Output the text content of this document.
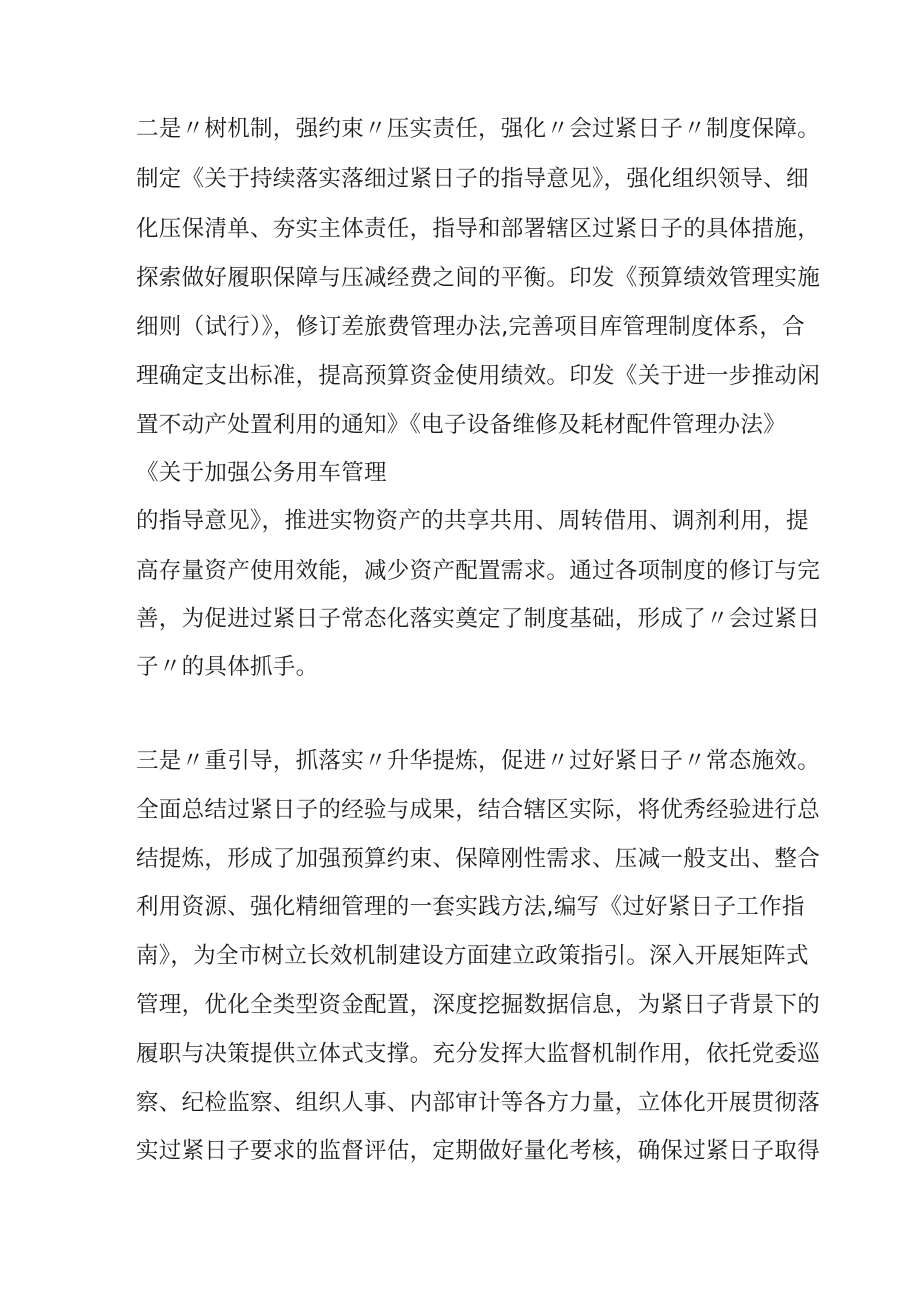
二是〃树机制，强约束〃压实责任，强化〃会过紧日子〃制度保障。

制定《关于持续落实落细过紧日子的指导意见》，强化组织领导、细

化压保清单、夯实主体责任，指导和部署辖区过紧日子的具体措施，

探索做好履职保障与压减经费之间的平衡。印发《预算绩效管理实施

细则（试行）》，修订差旅费管理办法,完善项目库管理制度体系，合

理确定支出标准，提高预算资金使用绩效。印发《关于进一步推动闲

置不动产处置利用的通知》《电子设备维修及耗材配件管理办法》

《关于加强公务用车管理

的指导意见》，推进实物资产的共享共用、周转借用、调剂利用，提

高存量资产使用效能，减少资产配置需求。通过各项制度的修订与完

善，为促进过紧日子常态化落实奠定了制度基础，形成了〃会过紧日

子〃的具体抓手。

三是〃重引导，抓落实〃升华提炼，促进〃过好紧日子〃常态施效。

全面总结过紧日子的经验与成果，结合辖区实际，将优秀经验进行总

结提炼，形成了加强预算约束、保障刚性需求、压减一般支出、整合

利用资源、强化精细管理的一套实践方法,编写《过好紧日子工作指

南》，为全市树立长效机制建设方面建立政策指引。深入开展矩阵式

管理，优化全类型资金配置，深度挖掘数据信息，为紧日子背景下的

履职与决策提供立体式支撑。充分发挥大监督机制作用，依托党委巡

察、纪检监察、组织人事、内部审计等各方力量，立体化开展贯彻落

实过紧日子要求的监督评估，定期做好量化考核，确保过紧日子取得
